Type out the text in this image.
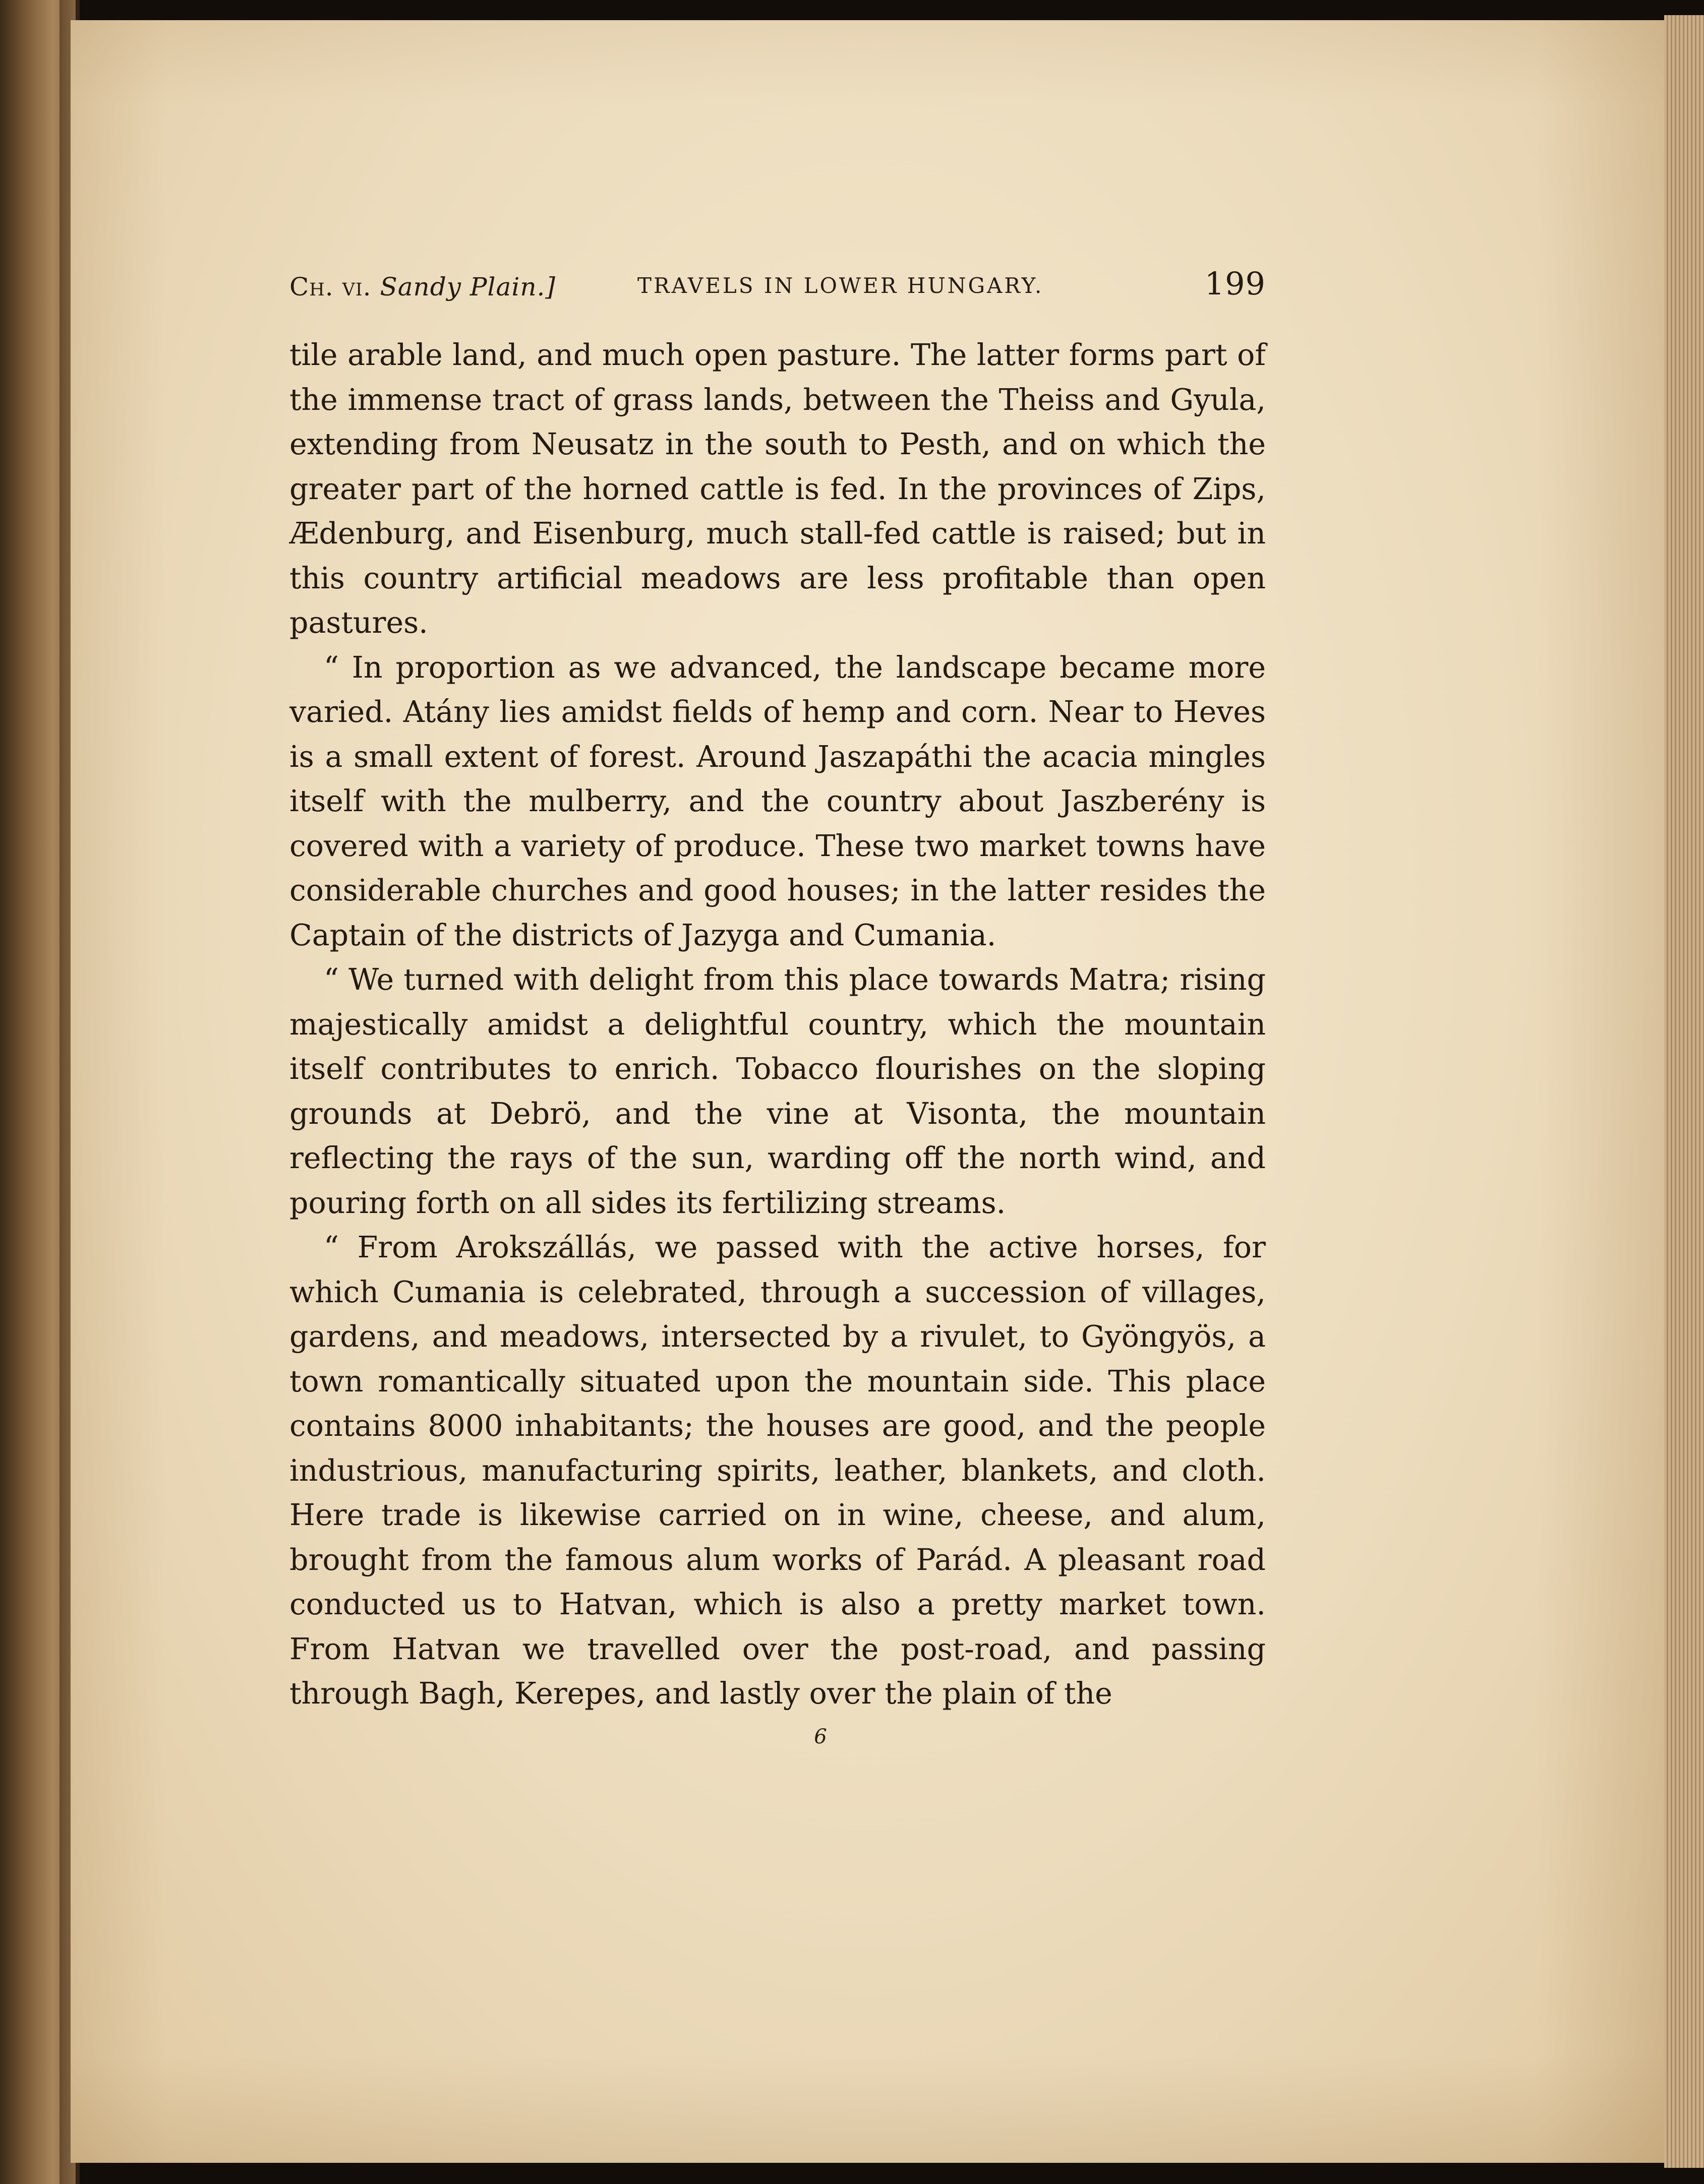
Ch. vi. Sandy Plain.]	TRAVELS IN LOWER HUNGARY.	199

tile arable land, and much open pasture. The latter forms part of the immense tract of grass lands, between the Theiss and Gyula, extending from Neusatz in the south to Pesth, and on which the greater part of the horned cattle is fed. In the provinces of Zips, Ædenburg, and Eisenburg, much stall-fed cattle is raised; but in this country artificial meadows are less profitable than open pastures.

“ In proportion as we advanced, the landscape became more varied. Atány lies amidst fields of hemp and corn. Near to Heves is a small extent of forest. Around Jaszapáthi the acacia mingles itself with the mulberry, and the country about Jaszberény is covered with a variety of produce. These two market towns have considerable churches and good houses; in the latter resides the Captain of the districts of Jazyga and Cumania.

“ We turned with delight from this place towards Matra; rising majestically amidst a delightful country, which the mountain itself contributes to enrich. Tobacco flourishes on the sloping grounds at Debrö, and the vine at Visonta, the mountain reflecting the rays of the sun, warding off the north wind, and pouring forth on all sides its fertilizing streams.

“ From Arokszállás, we passed with the active horses, for which Cumania is celebrated, through a succession of villages, gardens, and meadows, intersected by a rivulet, to Gyöngyös, a town romantically situated upon the mountain side. This place contains 8000 inhabitants; the houses are good, and the people industrious, manufacturing spirits, leather, blankets, and cloth. Here trade is likewise carried on in wine, cheese, and alum, brought from the famous alum works of Parád. A pleasant road conducted us to Hatvan, which is also a pretty market town. From Hatvan we travelled over the post-road, and passing through Bagh, Kerepes, and lastly over the plain of the

6
